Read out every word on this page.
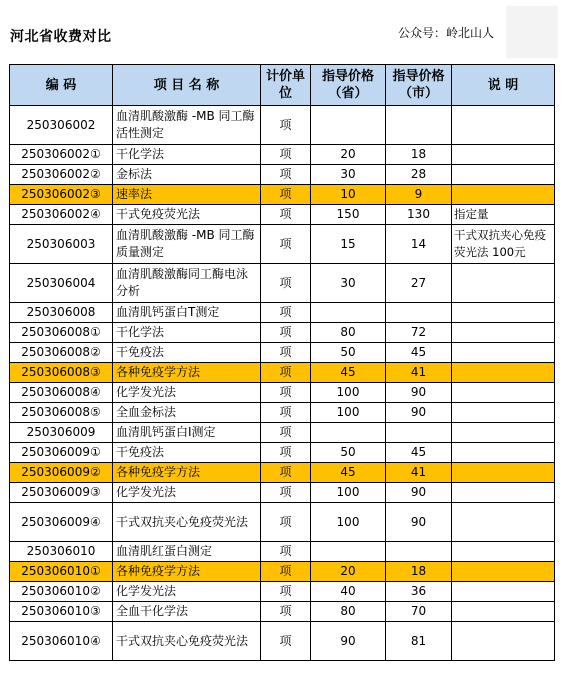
河北省收费对比	公众号：岭北山人
编 码	项 目 名 称	计价单位	指导价格（省）	指导价格（市）	说 明
250306002	血清肌酸激酶 -MB 同工酶活性测定	项			
250306002①	干化学法	项	20	18	
250306002②	金标法	项	30	28	
250306002③	速率法	项	10	9	
250306002④	干式免疫荧光法	项	150	130	指定量
250306003	血清肌酸激酶 -MB 同工酶质量测定	项	15	14	干式双抗夹心免疫荧光法 100元
250306004	血清肌酸激酶同工酶电泳分析	项	30	27	
250306008	血清肌钙蛋白T测定	项			
250306008①	干化学法	项	80	72	
250306008②	干免疫法	项	50	45	
250306008③	各种免疫学方法	项	45	41	
250306008④	化学发光法	项	100	90	
250306008⑤	全血金标法	项	100	90	
250306009	血清肌钙蛋白Ⅰ测定	项			
250306009①	干免疫法	项	50	45	
250306009②	各种免疫学方法	项	45	41	
250306009③	化学发光法	项	100	90	
250306009④	干式双抗夹心免疫荧光法	项	100	90	
250306010	血清肌红蛋白测定	项			
250306010①	各种免疫学方法	项	20	18	
250306010②	化学发光法	项	40	36	
250306010③	全血干化学法	项	80	70	
250306010④	干式双抗夹心免疫荧光法	项	90	81	
